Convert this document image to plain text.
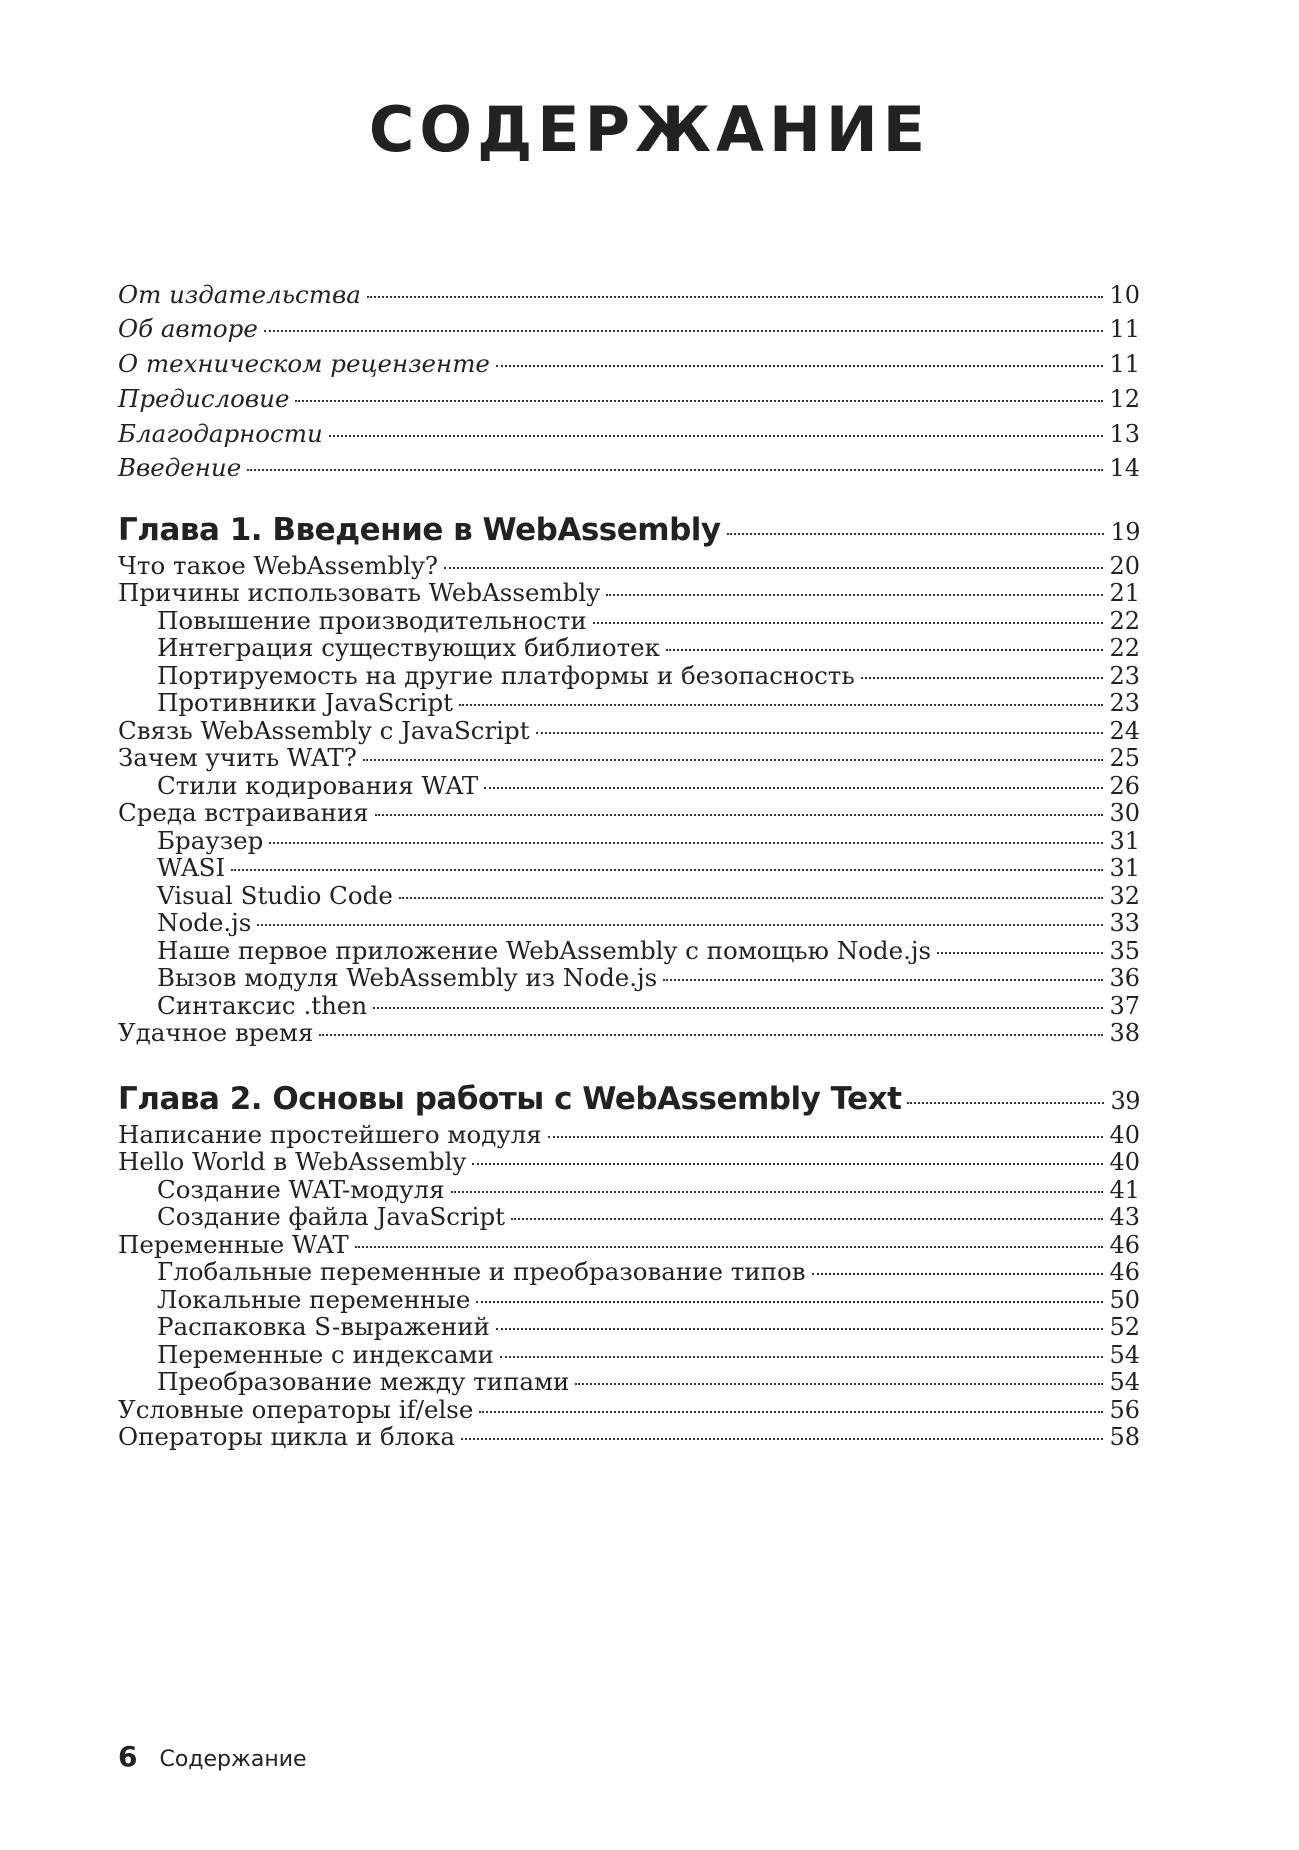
СОДЕРЖАНИЕ
От издательства	10
Об авторе	11
О техническом рецензенте	11
Предисловие	12
Благодарности	13
Введение	14
Глава 1. Введение в WebAssembly	19
Что такое WebAssembly?	20
Причины использовать WebAssembly	21
Повышение производительности	22
Интеграция существующих библиотек	22
Портируемость на другие платформы и безопасность	23
Противники JavaScript	23
Связь WebAssembly с JavaScript	24
Зачем учить WAT?	25
Стили кодирования WAT	26
Среда встраивания	30
Браузер	31
WASI	31
Visual Studio Code	32
Node.js	33
Наше первое приложение WebAssembly с помощью Node.js	35
Вызов модуля WebAssembly из Node.js	36
Синтаксис .then	37
Удачное время	38
Глава 2. Основы работы с WebAssembly Text	39
Написание простейшего модуля	40
Hello World в WebAssembly	40
Создание WAT-модуля	41
Создание файла JavaScript	43
Переменные WAT	46
Глобальные переменные и преобразование типов	46
Локальные переменные	50
Распаковка S-выражений	52
Переменные с индексами	54
Преобразование между типами	54
Условные операторы if/else	56
Операторы цикла и блока	58
6 Содержание
